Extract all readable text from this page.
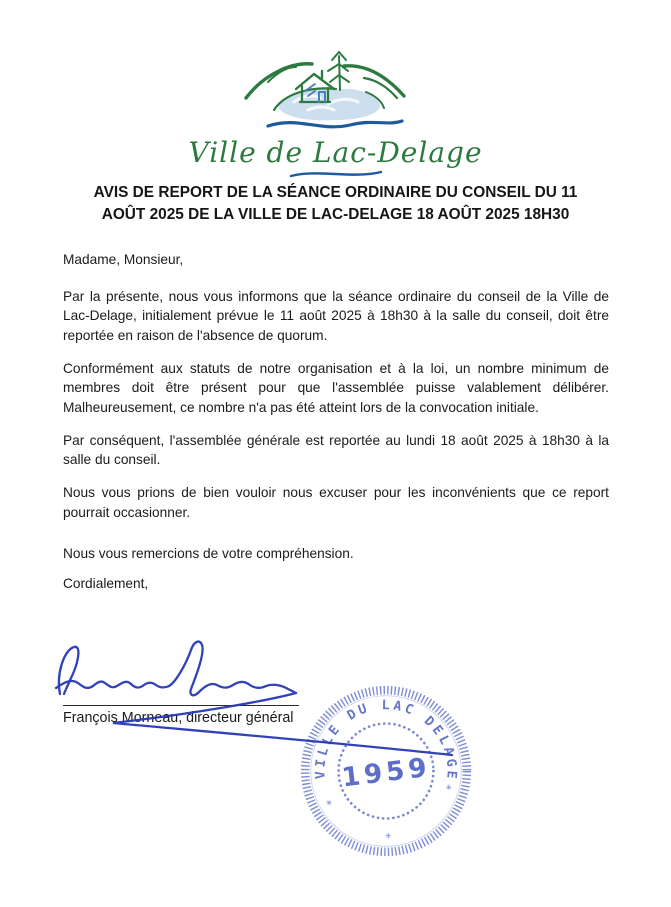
Ville de Lac-Delage
AVIS DE REPORT DE LA SÉANCE ORDINAIRE DU CONSEIL DU 11
AOÛT 2025 DE LA VILLE DE LAC-DELAGE 18 AOÛT 2025 18H30

Madame, Monsieur,

Par la présente, nous vous informons que la séance ordinaire du conseil de la Ville de Lac-Delage, initialement prévue le 11 août 2025 à 18h30 à la salle du conseil, doit être reportée en raison de l'absence de quorum.

Conformément aux statuts de notre organisation et à la loi, un nombre minimum de membres doit être présent pour que l'assemblée puisse valablement délibérer. Malheureusement, ce nombre n'a pas été atteint lors de la convocation initiale.

Par conséquent, l'assemblée générale est reportée au lundi 18 août 2025 à 18h30 à la salle du conseil.

Nous vous prions de bien vouloir nous excuser pour les inconvénients que ce report pourrait occasionner.

Nous vous remercions de votre compréhension.

Cordialement,

VILLE DU LAC DELAGE
1959
✳
✳
✳
François Morneau, directeur général
